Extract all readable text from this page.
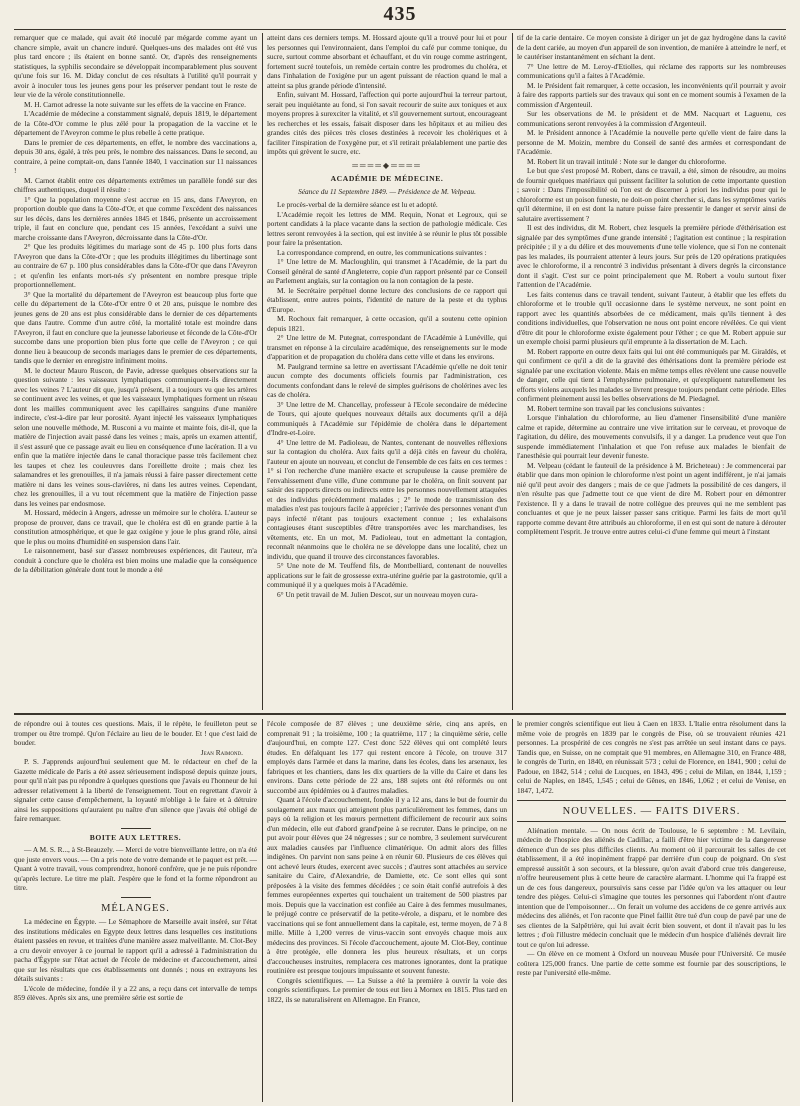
435

remarquer que ce malade, qui avait été inoculé par mégarde comme ayant un chancre simple, avait un chancre induré. Quelques-uns des malades ont été vus plus tard encore ; ils étaient en bonne santé. Or, d'après des renseignements statistiques, la syphilis secondaire se développait incomparablement plus souvent qu'une fois sur 16. M. Diday conclut de ces résultats à l'utilité qu'il pourrait y avoir à inoculer tous les jeunes gens pour les préserver pendant tout le reste de leur vie de la vérole constitutionnelle.

M. H. Carnot adresse la note suivante sur les effets de la vaccine en France.

L'Académie de médecine a constamment signalé, depuis 1819, le département de la Côte-d'Or comme le plus zélé pour la propagation de la vaccine et le département de l'Aveyron comme le plus rebelle à cette pratique.

Dans le premier de ces départements, en effet, le nombre des vaccinations a, depuis 30 ans, égalé, à très peu près, le nombre des naissances. Dans le second, au contraire, à peine comptait-on, dans l'année 1840, 1 vaccination sur 11 naissances !

M. Carnot établit entre ces départements extrêmes un parallèle fondé sur des chiffres authentiques, duquel il résulte :

1° Que la population moyenne s'est accrue en 15 ans, dans l'Aveyron, en proportion double que dans la Côte-d'Or, et que comme l'excédent des naissances sur les décès, dans les dernières années 1845 et 1846, présente un accroissement triple, il faut en conclure que, pendant ces 15 années, l'excédant a suivi une marche croissante dans l'Aveyron, décroissante dans la Côte-d'Or.

2° Que les produits légitimes du mariage sont de 45 p. 100 plus forts dans l'Aveyron que dans la Côte-d'Or ; que les produits illégitimes du libertinage sont au contraire de 67 p. 100 plus considérables dans la Côte-d'Or que dans l'Aveyron ; et qu'enfin les enfants mort-nés s'y présentent en nombre presque triple proportionnellement.

3° Que la mortalité du département de l'Aveyron est beaucoup plus forte que celle du département de la Côte-d'Or entre 0 et 20 ans, puisque le nombre des jeunes gens de 20 ans est plus considérable dans le dernier de ces départements que dans l'autre. Comme d'un autre côté, la mortalité totale est moindre dans l'Aveyron, il faut en conclure que la jeunesse laborieuse et féconde de la Côte-d'Or succombe dans une proportion bien plus forte que celle de l'Aveyron ; ce qui donne lieu à beaucoup de seconds mariages dans le premier de ces départements, tandis que le dernier en enregistre infiniment moins.

M. le docteur Mauro Ruscon, de Pavie, adresse quelques observations sur la question suivante : les vaisseaux lymphatiques communiquent-ils directement avec les veines ? L'auteur dit que, jusqu'à présent, il a toujours vu que les artères se continuent avec les veines, et que les vaisseaux lymphatiques forment un réseau dont les mailles communiquent avec les capillaires sanguins d'une manière indirecte, c'est-à-dire par leur porosité. Ayant injecté les vaisseaux lymphatiques selon une nouvelle méthode, M. Rusconi a vu mainte et mainte fois, dit-il, que la matière de l'injection avait passé dans les veines ; mais, après un examen attentif, il s'est assuré que ce passage avait eu lieu en conséquence d'une lacération. Il a vu enfin que la matière injectée dans le canal thoracique passe très facilement chez les taupes et chez les couleuvres dans l'oreillette droite ; mais chez les salamandres et les grenouilles, il n'a jamais réussi à faire passer directement cette matière ni dans les veines sous-clavières, ni dans les autres veines. Cependant, chez les grenouilles, il a vu tout récemment que la matière de l'injection passe dans les veines par endosmose.

M. Hossard, médecin à Angers, adresse un mémoire sur le choléra. L'auteur se propose de prouver, dans ce travail, que le choléra est dû en grande partie à la constitution atmosphérique, et que le gaz oxigène y joue le plus grand rôle, ainsi que le plus ou moins d'humidité en suspension dans l'air.

Le raisonnement, basé sur d'assez nombreuses expériences, dit l'auteur, m'a conduit à conclure que le choléra est bien moins une maladie que la conséquence de la débilitation générale dont tout le monde a été

atteint dans ces derniers temps. M. Hossard ajoute qu'il a trouvé pour lui et pour les personnes qui l'environnaient, dans l'emploi du café pur comme tonique, du sucre, surtout comme absorbant et échauffant, et du vin rouge comme astringent, fortement sucré toutefois, un remède certain contre les prodromes du choléra, et dans l'inhalation de l'oxigène pur un agent puissant de réaction quand le mal a atteint sa plus grande période d'intensité.

Enfin, suivant M. Hossard, l'affection qui porte aujourd'hui la terreur partout, serait peu inquiétante au fond, si l'on savait recourir de suite aux toniques et aux moyens propres à surexciter la vitalité, et s'il gouvernement surtout, encourageant les recherches et les essais, faisait disposer dans les hôpitaux et au milieu des grandes cités des pièces très closes destinées à recevoir les cholériques et à faciliter l'inspiration de l'oxygène pur, et s'il retirait préalablement une partie des impôts qui grèvent le sucre, etc.

════◆════

ACADÉMIE DE MÉDECINE.

Séance du 11 Septembre 1849. — Présidence de M. Velpeau.

Le procès-verbal de la dernière séance est lu et adopté.

L'Académie reçoit les lettres de MM. Requin, Nonat et Legroux, qui se portent candidats à la place vacante dans la section de pathologie médicale. Ces lettres seront renvoyées à la section, qui est invitée à se réunir le plus tôt possible pour faire la présentation.

La correspondance comprend, en outre, les communications suivantes :

1° Une lettre de M. Macloughlin, qui transmet à l'Académie, de la part du Conseil général de santé d'Angleterre, copie d'un rapport présenté par ce Conseil au Parlement anglais, sur la contagion ou la non contagion de la peste.

M. le Secrétaire perpétuel donne lecture des conclusions de ce rapport qui établissent, entre autres points, l'identité de nature de la peste et du typhus d'Europe.

M. Rochoux fait remarquer, à cette occasion, qu'il a soutenu cette opinion depuis 1821.

2° Une lettre de M. Putegnat, correspondant de l'Académie à Lunéville, qui transmet en réponse à la circulaire académique, des renseignements sur le mode d'apparition et de propagation du choléra dans cette ville et dans les environs.

M. Paulgrand termine sa lettre en avertissant l'Académie qu'elle ne doit tenir aucun compte des documents officiels fournis par l'administration, ces documents confondant dans le relevé de simples guérisons de cholérines avec les cas de choléra.

3° Une lettre de M. Chancellay, professeur à l'Ecole secondaire de médecine de Tours, qui ajoute quelques nouveaux détails aux documents qu'il a déjà communiqués à l'Académie sur l'épidémie de choléra dans le département d'Indre-et-Loire.

4° Une lettre de M. Padioleau, de Nantes, contenant de nouvelles réflexions sur la contagion du choléra. Aux faits qu'il a déjà cités en faveur du choléra, l'auteur en ajoute un nouveau, et conclut de l'ensemble de ces faits en ces termes : 1° si l'on recherche d'une manière exacte et scrupuleuse la cause première de l'envahissement d'une ville, d'une commune par le choléra, on finit souvent par saisir des rapports directs ou indirects entre les personnes nouvellement attaquées et des individus précédemment malades ; 2° le mode de transmission des maladies n'est pas toujours facile à apprécier ; l'arrivée des personnes venant d'un pays infecté n'étant pas toujours exactement connue ; les exhalaisons contagieuses étant susceptibles d'être transportées avec les marchandises, les vêtements, etc. En un mot, M. Padioleau, tout en admettant la contagion, reconnaît néanmoins que le choléra ne se développe dans une localité, chez un individu, que quand il trouve des circonstances favorables.

5° Une note de M. Teuffend fils, de Montbelliard, contenant de nouvelles applications sur le fait de grossesse extra-utérine guérie par la gastrotomie, qu'il a communiqué il y a quelques mois à l'Académie.

6° Un petit travail de M. Julien Descot, sur un nouveau moyen cura-

tif de la carie dentaire. Ce moyen consiste à diriger un jet de gaz hydrogène dans la cavité de la dent cariée, au moyen d'un appareil de son invention, de manière à atteindre le nerf, et le cautériser instantanément en séchant la dent.

7° Une lettre de M. Leroy-d'Etiolles, qui réclame des rapports sur les nombreuses communications qu'il a faites à l'Académie.

M. le Président fait remarquer, à cette occasion, les inconvénients qu'il pourrait y avoir à faire des rapports partiels sur des travaux qui sont en ce moment soumis à l'examen de la commission d'Argenteuil.

Sur les observations de M. le président et de MM. Nacquart et Laguenu, ces communications seront renvoyées à la commission d'Argenteuil.

M. le Président annonce à l'Académie la nouvelle perte qu'elle vient de faire dans la personne de M. Moizin, membre du Conseil de santé des armées et correspondant de l'Académie.

M. Robert lit un travail intitulé : Note sur le danger du chloroforme.

Le but que s'est proposé M. Robert, dans ce travail, a été, simon de résoudre, au moins de fournir quelques matériaux qui puissent faciliter la solution de cette importante question ; savoir : Dans l'impossibilité où l'on est de discerner à priori les individus pour qui le chloroforme est un poison funeste, ne doit-on point chercher si, dans les symptômes variés qu'il détermine, il en est dont la nature puisse faire pressentir le danger et servir ainsi de salutaire avertissement ?

Il est des individus, dit M. Robert, chez lesquels la première période d'éthérisation est signalée par des symptômes d'une grande intensité ; l'agitation est continue ; la respiration précipitée ; il y a du délire et des mouvements d'une telle violence, que si l'on ne contenait pas les malades, ils pourraient attenter à leurs jours. Sur près de 120 opérations pratiquées avec le chloroforme, il a rencontré 3 individus présentant à divers degrés la circonstance dont il s'agit. C'est sur ce point principalement que M. Robert a voulu surtout fixer l'attention de l'Académie.

Les faits contenus dans ce travail tendent, suivant l'auteur, à établir que les effets du chloroforme et le trouble qu'il occasionne dans le système nerveux, ne sont point en rapport avec les quantités absorbées de ce médicament, mais qu'ils tiennent à des conditions individuelles, que l'observation ne nous ont point encore révélées. Ce qui vient d'être dit pour le chloroforme existe également pour l'éther ; ce que M. Robert appuie sur un exemple choisi parmi plusieurs qu'il emprunte à la dissertation de M. Lach.

M. Robert rapporte en outre deux faits qui lui ont été communiqués par M. Giraldès, et qui confirment ce qu'il a dit de la gravité des éthérisations dont la première période est signalée par une excitation violente. Mais en même temps elles révèlent une cause nouvelle de danger, celle qui tient à l'emphysème pulmonaire, et qu'expliquent naturellement les efforts violens auxquels les malades se livrent presque toujours pendant cette période. Elles confirment pleinement aussi les belles observations de M. Piedagnel.

M. Robert termine son travail par les conclusions suivantes :

Lorsque l'inhalation du chloroforme, au lieu d'amener l'insensibilité d'une manière calme et rapide, détermine au contraire une vive irritation sur le cerveau, et provoque de l'agitation, du délire, des mouvements convulsifs, il y a danger. La prudence veut que l'on suspende immédiatement l'inhalation et que l'on refuse aux malades le bienfait de l'anesthésie qui pourrait leur devenir funeste.

M. Velpeau (cédant le fauteuil de la présidence à M. Bricheteau) : Je commencerai par établir que dans mon opinion le chloroforme n'est point un agent indifférent, je n'ai jamais nié qu'il peut avoir des dangers ; mais de ce que j'admets la possibilité de ces dangers, il n'en résulte pas que j'admette tout ce que vient de dire M. Robert pour en démontrer l'existence. Il y a dans le travail de notre collègue des preuves qui ne me semblent pas concluantes et que je ne peux laisser passer sans critique. Parmi les faits de mort qu'il rapporte comme devant être attribués au chloroforme, il en est qui sont de nature à dérouter complètement l'esprit. Je trouve entre autres celui-ci d'une femme qui meurt à l'instant

de répondre oui à toutes ces questions. Mais, il le répète, le feuilleton peut se tromper ou être trompé. Qu'on l'éclaire au lieu de le bouder. Et ! que c'est laid de bouder.

Jean Raimond.

P. S. J'apprends aujourd'hui seulement que M. le rédacteur en chef de la Gazette médicale de Paris a été assez sérieusement indisposé depuis quinze jours, pour qu'il n'ait pas pu répondre à quelques questions que j'avais eu l'honneur de lui adresser relativement à la liberté de l'enseignement. Tout en regrettant d'avoir à signaler cette cause d'empêchement, la loyauté m'oblige à le faire et à détruire ainsi les suppositions qu'auraient pu naître d'un silence que j'avais été obligé de faire remarquer.

BOITE AUX LETTRES.

— A M. S. R..., à St-Beauzely. — Merci de votre bienveillante lettre, on n'a été que juste envers vous. — On a pris note de votre demande et le paquet est prêt. — Quant à votre travail, vous comprendrez, honoré confrère, que je ne puis répondre qu'après lecture. Le titre me plaît. J'espère que le fond et la forme répondront au titre.

MÉLANGES.

La médecine en Égypte. — Le Sémaphore de Marseille avait inséré, sur l'état des institutions médicales en Egypte deux lettres dans lesquelles ces institutions étaient passées en revue, et traitées d'une manière assez malveillante. M. Clot-Bey a cru devoir envoyer à ce journal le rapport qu'il a adressé à l'administration du pacha d'Égypte sur l'état actuel de l'école de médecine et d'accouchement, ainsi que sur les résultats que ces établissements ont donnés ; nous en extrayons les détails suivants :

L'école de médecine, fondée il y a 22 ans, a reçu dans cet intervalle de temps 859 élèves. Après six ans, une première série est sortie de

l'école composée de 87 élèves ; une deuxième série, cinq ans après, en comprenait 91 ; la troisième, 100 ; la quatrième, 117 ; la cinquième série, celle d'aujourd'hui, en compte 127. C'est donc 522 élèves qui ont complété leurs études. En défalquant les 177 qui restent encore à l'école, on trouve 317 employés dans l'armée et dans la marine, dans les écoles, dans les arsenaux, les fabriques et les chantiers, dans les dix quartiers de la ville du Caire et dans les environs. Dans cette période de 22 ans, 188 sujets ont été réformés ou ont succombé aux épidémies ou à d'autres maladies.

Quant à l'école d'accouchement, fondée il y a 12 ans, dans le but de fournir du soulagement aux maux qui atteignent plus particulièrement les femmes, dans un pays où la religion et les mœurs permettent difficilement de recourir aux soins d'un médecin, elle eut d'abord grand'peine à se recruter. Dans le principe, on ne put avoir pour élèves que 24 négresses ; sur ce nombre, 3 seulement survécurent aux maladies causées par l'influence climatérique. On admit alors des filles indigènes. On parvint non sans peine à en réunir 60. Plusieurs de ces élèves qui ont achevé leurs études, exercent avec succès ; d'autres sont attachées au service sanitaire du Caire, d'Alexandrie, de Damiette, etc. Ce sont elles qui sont préposées à la visite des femmes décédées ; ce soin était confié autrefois à des femmes européennes expertes qui touchaient un traitement de 500 piastres par mois. Depuis que la vaccination est confiée au Caire à des femmes musulmanes, le préjugé contre ce préservatif de la petite-vérole, a disparu, et le nombre des vaccinations qui se font annuellement dans la capitale, est, terme moyen, de 7 à 8 mille. Mille à 1,200 verres de virus-vaccin sont envoyés chaque mois aux médecins des provinces. Si l'école d'accouchement, ajoute M. Clot-Bey, continue à être protégée, elle donnera les plus heureux résultats, et un corps d'accoucheuses instruites, remplacera ces matrones ignorantes, dont la pratique routinière est presque toujours impuissante et souvent funeste.

Congrès scientifiques. — La Suisse a été la première à ouvrir la voie des congrès scientifiques. Le premier de tous eut lieu à Mornex en 1815. Plus tard en 1822, ils se naturalisèrent en Allemagne. En France,

le premier congrès scientifique eut lieu à Caen en 1833. L'Italie entra résolument dans la même voie de progrès en 1839 par le congrès de Pise, où se trouvaient réunies 421 personnes. La prospérité de ces congrès ne s'est pas arrêtée un seul instant dans ce pays. Tandis que, en Suisse, on ne comptait que 91 membres, en Allemagne 310, en France 488, le congrès de Turin, en 1840, en réunissait 573 ; celui de Florence, en 1841, 900 ; celui de Padoue, en 1842, 514 ; celui de Lucques, en 1843, 496 ; celui de Milan, en 1844, 1,159 ; celui de Naples, en 1845, 1,545 ; celui de Gênes, en 1846, 1,062 ; et celui de Venise, en 1847, 1,472.

NOUVELLES. — FAITS DIVERS.

Aliénation mentale. — On nous écrit de Toulouse, le 6 septembre : M. Levilain, médecin de l'hospice des aliénés de Cadillac, a failli d'être hier victime de la dangereuse démence d'un de ses plus difficiles clients. Au moment où il parcourait les salles de cet établissement, il a été inopinément frappé par derrière d'un coup de poignard. On s'est empressé aussitôt à son secours, et la blessure, qu'on avait d'abord crue très dangereuse, n'offre heureusement plus à cette heure de caractère alarmant. L'homme qui l'a frappé est un de ces fous dangereux, poursuivis sans cesse par l'idée qu'on va les attaquer ou leur tendre des pièges. Celui-ci s'imagine que toutes les personnes qui l'abordent n'ont d'autre intention que de l'empoisonner… On ferait un volume des accidens de ce genre arrivés aux médecins des aliénés, et l'on raconte que Pinel faillit être tué d'un coup de pavé par une de ses clientes de la Salpêtrière, qui lui avait écrit bien souvent, et dont il n'avait pas lu les lettres ; d'où l'illustre médecin concluait que le médecin d'un hospice d'aliénés devrait lire tout ce qu'on lui adresse.

— On élève en ce moment à Oxford un nouveau Musée pour l'Université. Ce musée coûtera 125,000 francs. Une partie de cette somme est fournie par des souscriptions, le reste par l'université elle-même.
